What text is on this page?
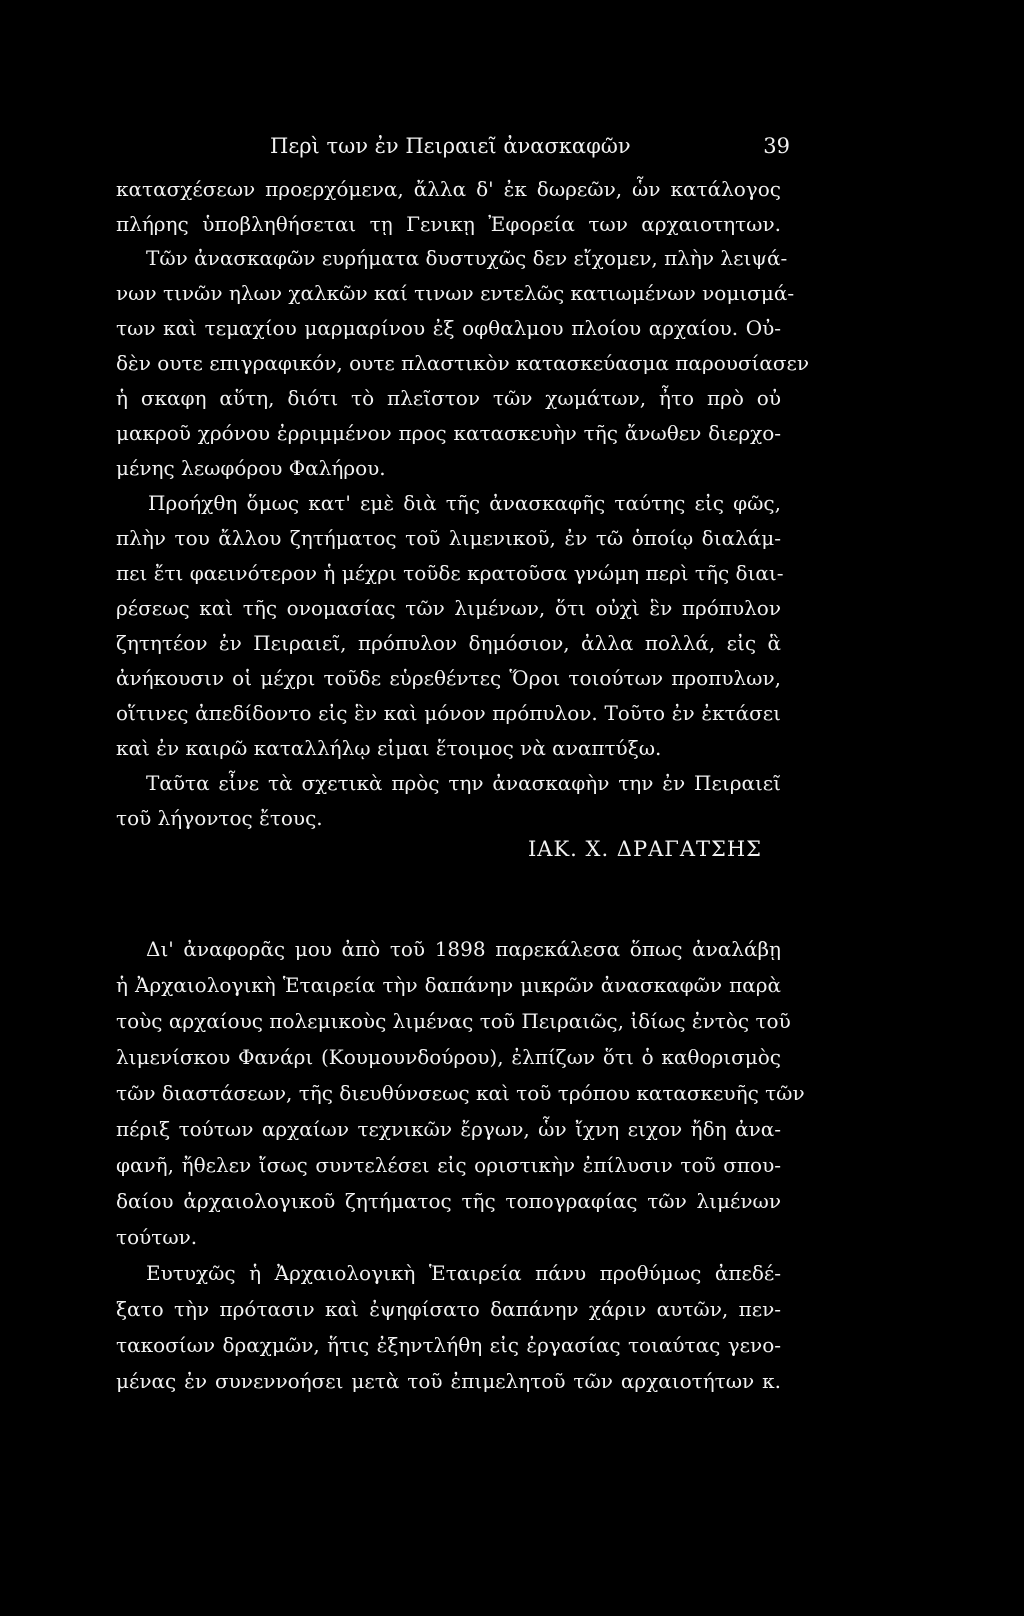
Περὶ των ἐν Πειραιεῖ ἀνασκαφῶν	39
κατασχέσεων προερχόμενα, ἄλλα δ' ἐκ δωρεῶν, ὧν κατάλογος
πλήρης ὑποβληθήσεται τῃ Γενικῃ Ἐφορεία των αρχαιοτητων.
Τῶν ἀνασκαφῶν ευρήματα δυστυχῶς δεν εἴχομεν, πλὴν λειψά-
νων τινῶν ηλων χαλκῶν καί τινων εντελῶς κατιωμένων νομισμά-
των καὶ τεμαχίου μαρμαρίνου ἐξ οφθαλμου πλοίου αρχαίου. Οὐ-
δὲν ουτε επιγραφικόν, ουτε πλαστικὸν κατασκεύασμα παρουσίασεν
ἡ σκαφη αὕτη, διότι τὸ πλεῖστον τῶν χωμάτων, ἦτο πρὸ οὐ
μακροῦ χρόνου ἐρριμμένον προς κατασκευὴν τῆς ἄνωθεν διερχο-
μένης λεωφόρου Φαλήρου.
Προήχθη ὅμως κατ' εμὲ διὰ τῆς ἀνασκαφῆς ταύτης εἰς φῶς,
πλὴν του ἄλλου ζητήματος τοῦ λιμενικοῦ, ἐν τῶ ὁποίῳ διαλάμ-
πει ἔτι φαεινότερον ἡ μέχρι τοῦδε κρατοῦσα γνώμη περὶ τῆς διαι-
ρέσεως καὶ τῆς ονομασίας τῶν λιμένων, ὅτι οὐχὶ ἓν πρόπυλον
ζητητέον ἐν Πειραιεῖ, πρόπυλον δημόσιον, ἀλλα πολλά, εἰς ἃ
ἀνήκουσιν οἱ μέχρι τοῦδε εὑρεθέντες Ὅροι τοιούτων προπυλων,
οἵτινες ἀπεδίδοντο εἰς ἓν καὶ μόνον πρόπυλον. Τοῦτο ἐν ἐκτάσει
καὶ ἐν καιρῶ καταλλήλῳ εἰμαι ἕτοιμος νὰ αναπτύξω.
Ταῦτα εἶνε τὰ σχετικὰ πρὸς την ἀνασκαφὴν την ἐν Πειραιεῖ
τοῦ λήγοντος ἔτους.
ΙΑΚ. Χ. ΔΡΑΓΑΤΣΗΣ
Δι' ἀναφορᾶς μου ἀπὸ τοῦ 1898 παρεκάλεσα ὅπως ἀναλάβῃ
ἡ Ἀρχαιολογικὴ Ἑταιρεία τὴν δαπάνην μικρῶν ἀνασκαφῶν παρὰ
τοὺς αρχαίους πολεμικοὺς λιμένας τοῦ Πειραιῶς, ἰδίως ἐντὸς τοῦ
λιμενίσκου Φανάρι (Κουμουνδούρου), ἐλπίζων ὅτι ὁ καθορισμὸς
τῶν διαστάσεων, τῆς διευθύνσεως καὶ τοῦ τρόπου κατασκευῆς τῶν
πέριξ τούτων αρχαίων τεχνικῶν ἔργων, ὧν ἴχνη ειχον ἤδη ἀνα-
φανῆ, ἤθελεν ἴσως συντελέσει εἰς οριστικὴν ἐπίλυσιν τοῦ σπου-
δαίου ἀρχαιολογικοῦ ζητήματος τῆς τοπογραφίας τῶν λιμένων
τούτων.
Ευτυχῶς ἡ Ἀρχαιολογικὴ Ἑταιρεία πάνυ προθύμως ἀπεδέ-
ξατο τὴν πρότασιν καὶ ἐψηφίσατο δαπάνην χάριν αυτῶν, πεν-
τακοσίων δραχμῶν, ἥτις ἐξηντλήθη εἰς ἐργασίας τοιαύτας γενο-
μένας ἐν συνεννοήσει μετὰ τοῦ ἐπιμελητοῦ τῶν αρχαιοτήτων κ.
